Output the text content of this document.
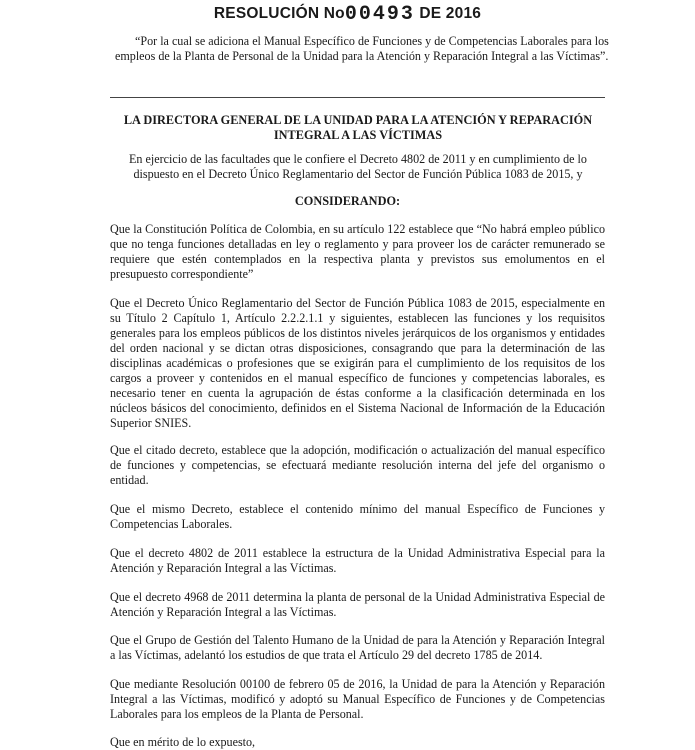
RESOLUCIÓN No00493 DE 2016
“Por la cual se adiciona el Manual Específico de Funciones y de Competencias Laborales para los empleos de la Planta de Personal de la Unidad para la Atención y Reparación Integral a las Víctimas”.
LA DIRECTORA GENERAL DE LA UNIDAD PARA LA ATENCIÓN Y REPARACIÓN INTEGRAL A LAS VÍCTIMAS
En ejercicio de las facultades que le confiere el Decreto 4802 de 2011 y en cumplimiento de lo dispuesto en el Decreto Único Reglamentario del Sector de Función Pública 1083 de 2015, y
CONSIDERANDO:

Que la Constitución Política de Colombia, en su artículo 122 establece que “No habrá empleo público que no tenga funciones detalladas en ley o reglamento y para proveer los de carácter remunerado se requiere que estén contemplados en la respectiva planta y previstos sus emolumentos en el presupuesto correspondiente”

Que el Decreto Único Reglamentario del Sector de Función Pública 1083 de 2015, especialmente en su Título 2 Capítulo 1, Artículo 2.2.2.1.1 y siguientes, establecen las funciones y los requisitos generales para los empleos públicos de los distintos niveles jerárquicos de los organismos y entidades del orden nacional y se dictan otras disposiciones, consagrando que para la determinación de las disciplinas académicas o profesiones que se exigirán para el cumplimiento de los requisitos de los cargos a proveer y contenidos en el manual específico de funciones y competencias laborales, es necesario tener en cuenta la agrupación de éstas conforme a la clasificación determinada en los núcleos básicos del conocimiento, definidos en el Sistema Nacional de Información de la Educación Superior SNIES.

Que el citado decreto, establece que la adopción, modificación o actualización del manual específico de funciones y competencias, se efectuará mediante resolución interna del jefe del organismo o entidad.

Que el mismo Decreto, establece el contenido mínimo del manual Específico de Funciones y Competencias Laborales.

Que el decreto 4802 de 2011 establece la estructura de la Unidad Administrativa Especial para la Atención y Reparación Integral a las Víctimas.

Que el decreto 4968 de 2011 determina la planta de personal de la Unidad Administrativa Especial de Atención y Reparación Integral a las Víctimas.

Que el Grupo de Gestión del Talento Humano de la Unidad de para la Atención y Reparación Integral a las Víctimas, adelantó los estudios de que trata el Artículo 29 del decreto 1785 de 2014.

Que mediante Resolución 00100 de febrero 05 de 2016, la Unidad de para la Atención y Reparación Integral a las Víctimas, modificó y adoptó su Manual Específico de Funciones y de Competencias Laborales para los empleos de la Planta de Personal.

Que en mérito de lo expuesto,
